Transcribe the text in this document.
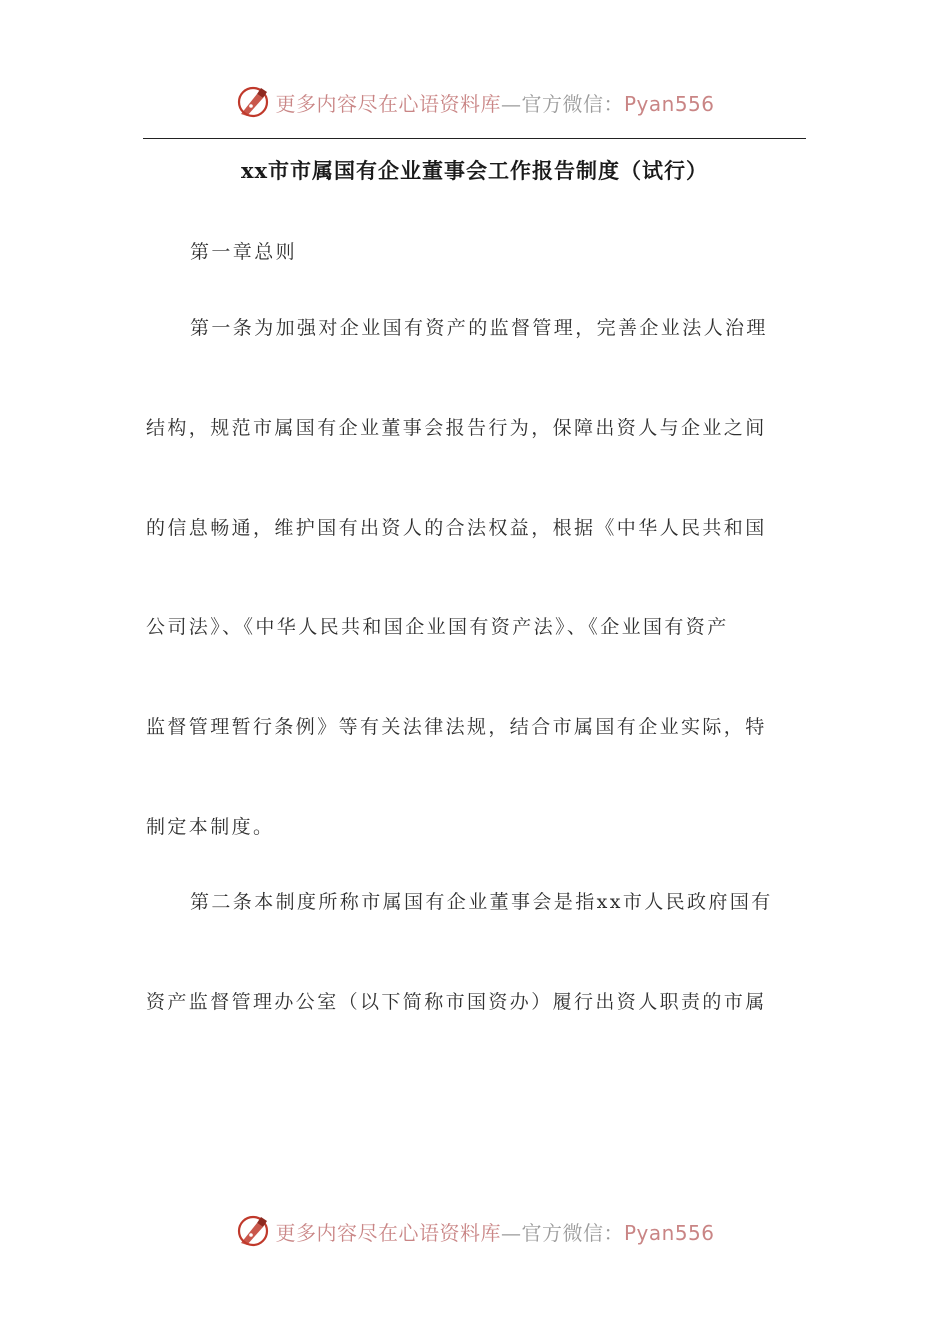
更多内容尽在心语资料库—官方微信：Pyan556
xx市市属国有企业董事会工作报告制度（试行）
第一章总则
第一条为加强对企业国有资产的监督管理，完善企业法人治理
结构，规范市属国有企业董事会报告行为，保障出资人与企业之间
的信息畅通，维护国有出资人的合法权益，根据《中华人民共和国
公司法》、《中华人民共和国企业国有资产法》、《企业国有资产
监督管理暂行条例》等有关法律法规，结合市属国有企业实际，特
制定本制度。
第二条本制度所称市属国有企业董事会是指xx市人民政府国有
资产监督管理办公室（以下简称市国资办）履行出资人职责的市属
更多内容尽在心语资料库—官方微信：Pyan556
